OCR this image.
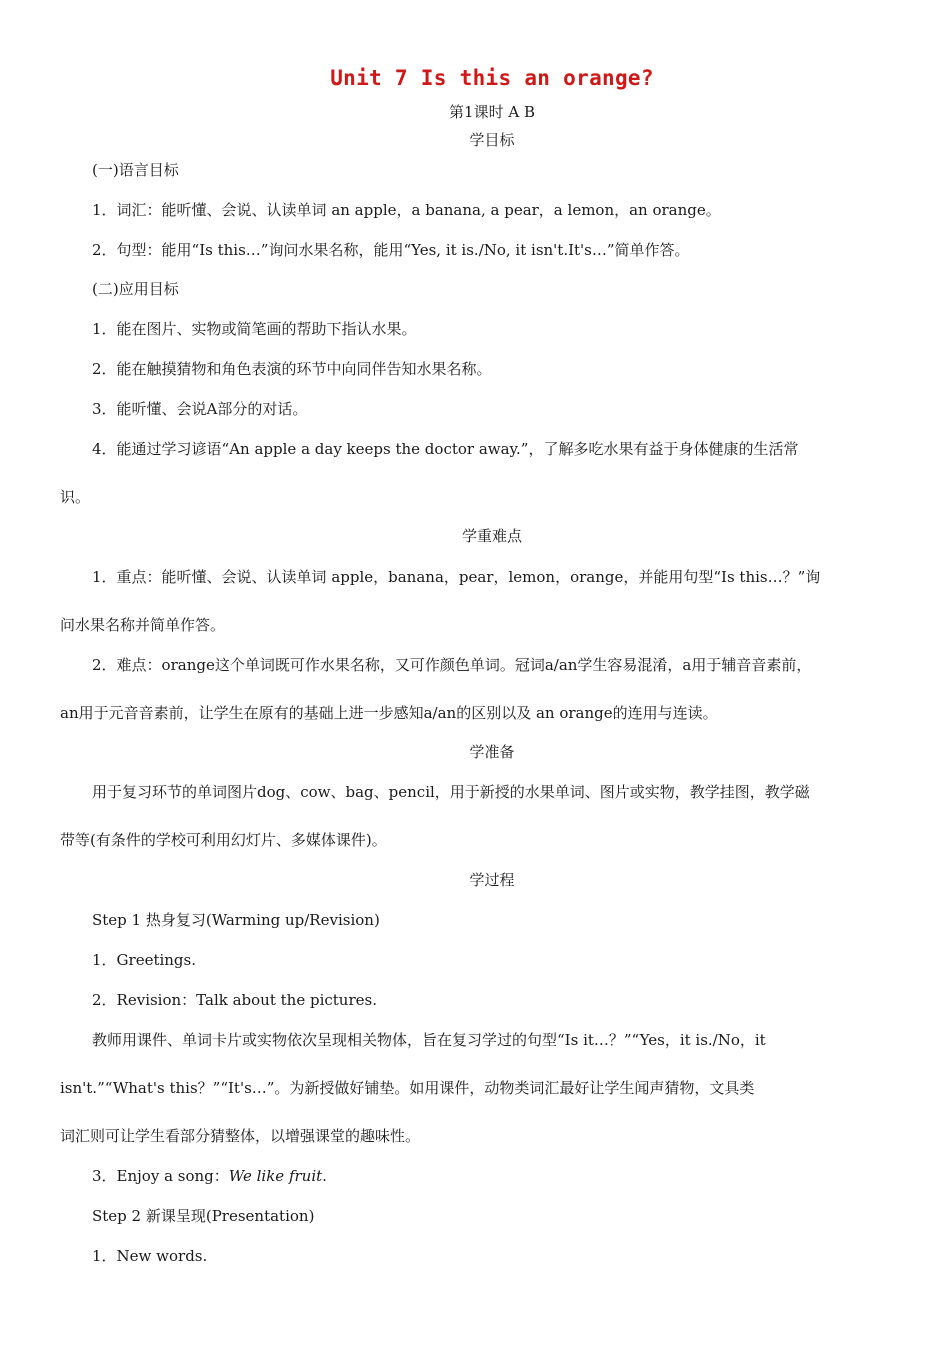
Unit 7 Is this an orange?
第1课时 A B
学目标
(一)语言目标
1．词汇：能听懂、会说、认读单词 an apple，a banana, a pear，a lemon，an orange。
2．句型：能用“Is this…”询问水果名称，能用“Yes, it is./No, it isn't.It's…”简单作答。
(二)应用目标
1．能在图片、实物或简笔画的帮助下指认水果。
2．能在触摸猜物和角色表演的环节中向同伴告知水果名称。
3．能听懂、会说A部分的对话。
4．能通过学习谚语“An apple a day keeps the doctor away.”，了解多吃水果有益于身体健康的生活常
识。
学重难点
1．重点：能听懂、会说、认读单词 apple，banana，pear，lemon，orange，并能用句型“Is this…？”询
问水果名称并简单作答。
2．难点：orange这个单词既可作水果名称，又可作颜色单词。冠词a/an学生容易混淆，a用于辅音音素前，
an用于元音音素前，让学生在原有的基础上进一步感知a/an的区别以及 an orange的连用与连读。
学准备
用于复习环节的单词图片dog、cow、bag、pencil，用于新授的水果单词、图片或实物，教学挂图，教学磁
带等(有条件的学校可利用幻灯片、多媒体课件)。
学过程
Step 1 热身复习(Warming up/Revision)
1．Greetings.
2．Revision：Talk about the pictures.
教师用课件、单词卡片或实物依次呈现相关物体，旨在复习学过的句型“Is it…？”“Yes，it is./No，it
isn't.”“What's this？”“It's…”。为新授做好铺垫。如用课件，动物类词汇最好让学生闻声猜物，文具类
词汇则可让学生看部分猜整体，以增强课堂的趣味性。
3．Enjoy a song：We like fruit.
Step 2 新课呈现(Presentation)
1．New words.
